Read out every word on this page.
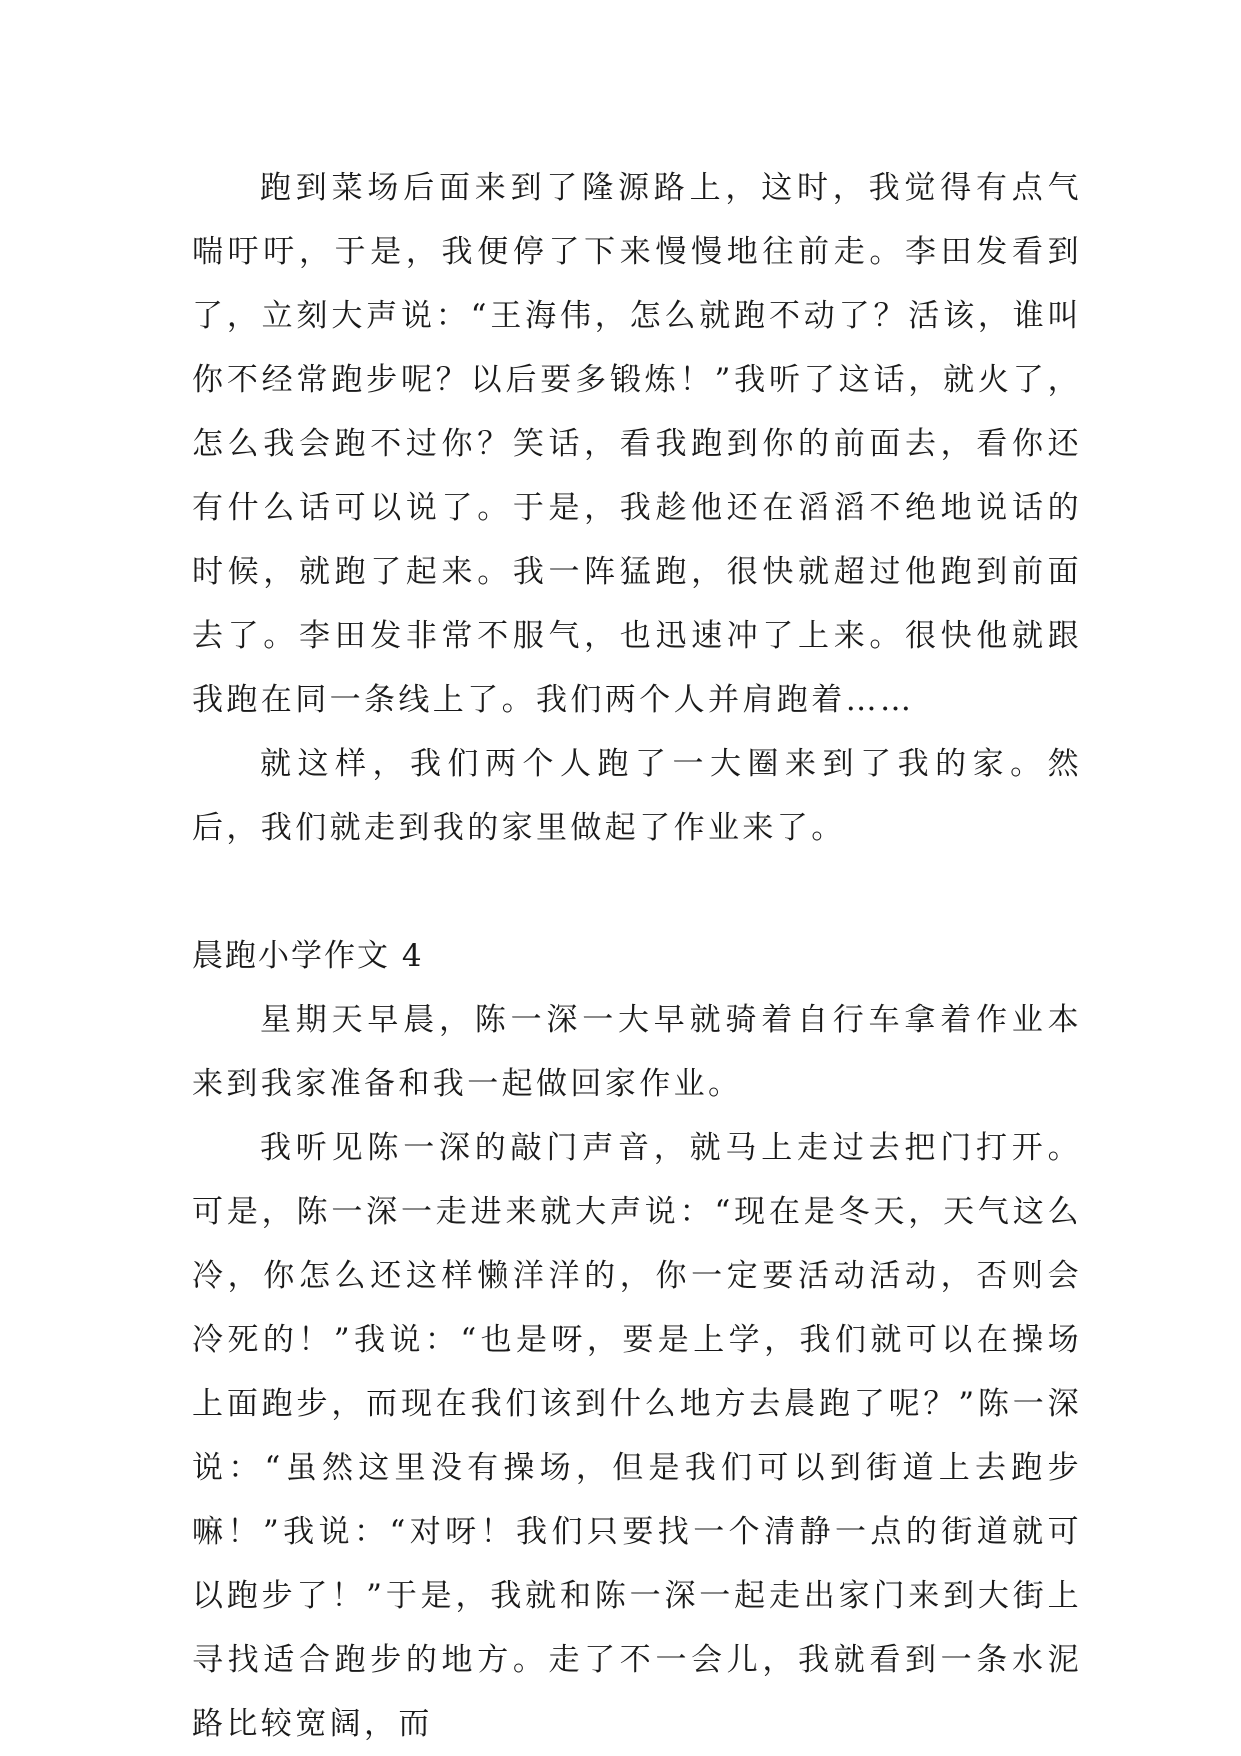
跑到菜场后面来到了隆源路上，这时，我觉得有点气喘吁吁，于是，我便停了下来慢慢地往前走。李田发看到了，立刻大声说：“王海伟，怎么就跑不动了？活该，谁叫你不经常跑步呢？以后要多锻炼！”我听了这话，就火了，怎么我会跑不过你？笑话，看我跑到你的前面去，看你还有什么话可以说了。于是，我趁他还在滔滔不绝地说话的时候，就跑了起来。我一阵猛跑，很快就超过他跑到前面去了。李田发非常不服气，也迅速冲了上来。很快他就跟我跑在同一条线上了。我们两个人并肩跑着……

就这样，我们两个人跑了一大圈来到了我的家。然后，我们就走到我的家里做起了作业来了。

晨跑小学作文 4

星期天早晨，陈一深一大早就骑着自行车拿着作业本来到我家准备和我一起做回家作业。

我听见陈一深的敲门声音，就马上走过去把门打开。可是，陈一深一走进来就大声说：“现在是冬天，天气这么冷，你怎么还这样懒洋洋的，你一定要活动活动，否则会冷死的！”我说：“也是呀，要是上学，我们就可以在操场上面跑步，而现在我们该到什么地方去晨跑了呢？”陈一深说：“虽然这里没有操场，但是我们可以到街道上去跑步嘛！”我说：“对呀！我们只要找一个清静一点的街道就可以跑步了！”于是，我就和陈一深一起走出家门来到大街上寻找适合跑步的地方。走了不一会儿，我就看到一条水泥路比较宽阔，而
